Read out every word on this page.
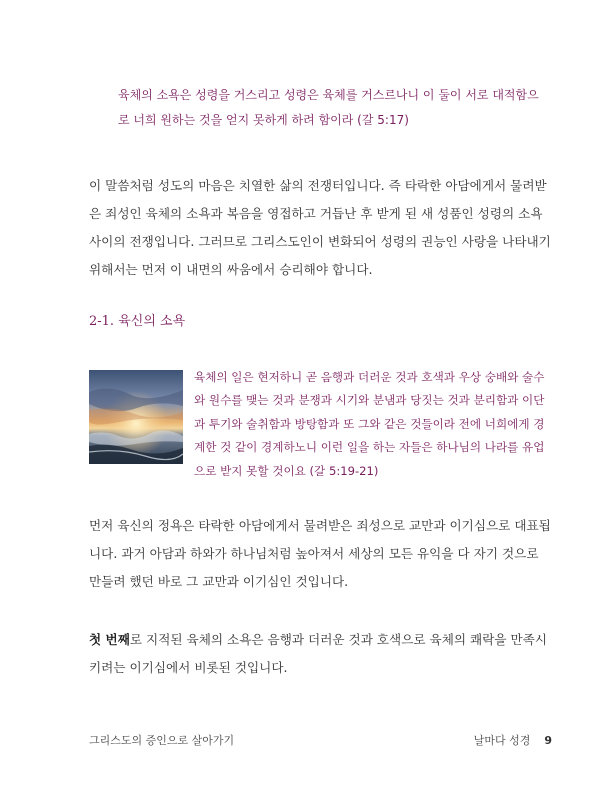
육체의 소욕은 성령을 거스리고 성령은 육체를 거스르나니 이 둘이 서로 대적함으로 너희 원하는 것을 얻지 못하게 하려 함이라 (갈 5:17)
이 말씀처럼 성도의 마음은 치열한 삶의 전쟁터입니다. 즉 타락한 아담에게서 물려받은 죄성인 육체의 소욕과 복음을 영접하고 거듭난 후 받게 된 새 성품인 성령의 소욕 사이의 전쟁입니다. 그러므로 그리스도인이 변화되어 성령의 권능인 사랑을 나타내기 위해서는 먼저 이 내면의 싸움에서 승리해야 합니다.
2-1. 육신의 소욕
육체의 일은 현저하니 곧 음행과 더러운 것과 호색과 우상 숭배와 술수와 원수를 맺는 것과 분쟁과 시기와 분냄과 당짓는 것과 분리함과 이단과 투기와 술취함과 방탕함과 또 그와 같은 것들이라 전에 너희에게 경계한 것 같이 경계하노니 이런 일을 하는 자들은 하나님의 나라를 유업으로 받지 못할 것이요 (갈 5:19-21)
먼저 육신의 정욕은 타락한 아담에게서 물려받은 죄성으로 교만과 이기심으로 대표됩니다. 과거 아담과 하와가 하나님처럼 높아져서 세상의 모든 유익을 다 자기 것으로 만들려 했던 바로 그 교만과 이기심인 것입니다.
첫 번째로 지적된 육체의 소욕은 음행과 더러운 것과 호색으로 육체의 쾌락을 만족시키려는 이기심에서 비롯된 것입니다.
그리스도의 증인으로 살아가기	날마다 성경 9
